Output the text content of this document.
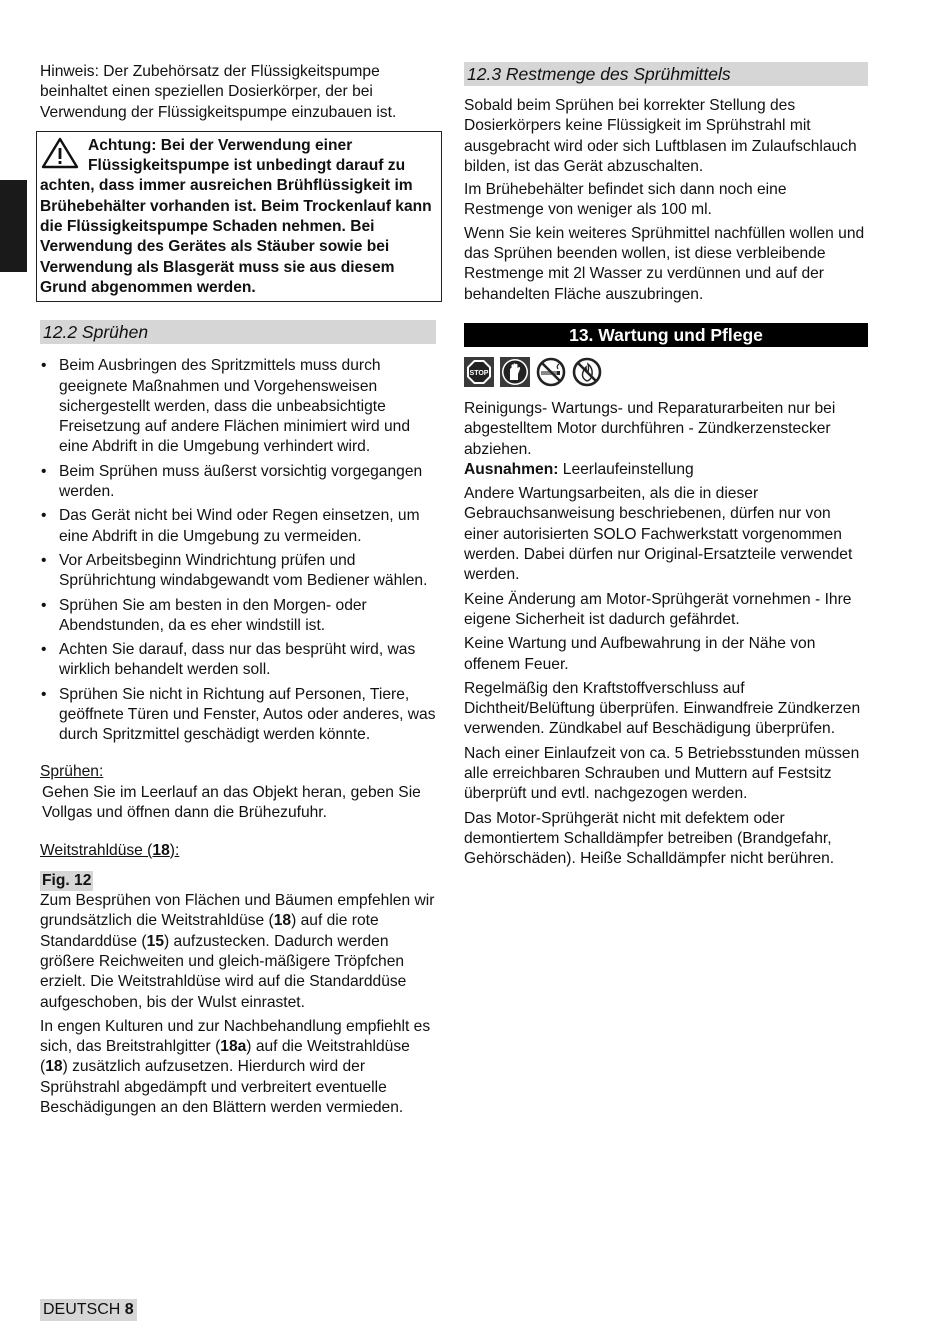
Hinweis: Der Zubehörsatz der Flüssigkeitspumpe beinhaltet einen speziellen Dosierkörper, der bei Verwendung der Flüssigkeitspumpe einzubauen ist.

Achtung: Bei der Verwendung einer Flüssigkeitspumpe ist unbedingt darauf zu achten, dass immer ausreichen Brühflüssigkeit im Brühebehälter vorhanden ist. Beim Trockenlauf kann die Flüssigkeitspumpe Schaden nehmen. Bei Verwendung des Gerätes als Stäuber sowie bei Verwendung als Blasgerät muss sie aus diesem Grund abgenommen werden.
12.2 Sprühen
• Beim Ausbringen des Spritzmittels muss durch geeignete Maßnahmen und Vorgehensweisen sichergestellt werden, dass die unbeabsichtigte Freisetzung auf andere Flächen minimiert wird und eine Abdrift in die Umgebung verhindert wird.
• Beim Sprühen muss äußerst vorsichtig vorgegangen werden.
• Das Gerät nicht bei Wind oder Regen einsetzen, um eine Abdrift in die Umgebung zu vermeiden.
• Vor Arbeitsbeginn Windrichtung prüfen und Sprührichtung windabgewandt vom Bediener wählen.
• Sprühen Sie am besten in den Morgen- oder Abendstunden, da es eher windstill ist.
• Achten Sie darauf, dass nur das besprüht wird, was wirklich behandelt werden soll.
• Sprühen Sie nicht in Richtung auf Personen, Tiere, geöffnete Türen und Fenster, Autos oder anderes, was durch Spritzmittel geschädigt werden könnte.

Sprühen:

Gehen Sie im Leerlauf an das Objekt heran, geben Sie Vollgas und öffnen dann die Brühezufuhr.

Weitstrahldüse (18):

Fig. 12

Zum Besprühen von Flächen und Bäumen empfehlen wir grundsätzlich die Weitstrahldüse (18) auf die rote Standarddüse (15) aufzustecken. Dadurch werden größere Reichweiten und gleich-mäßigere Tröpfchen erzielt. Die Weitstrahldüse wird auf die Standarddüse aufgeschoben, bis der Wulst einrastet.

In engen Kulturen und zur Nachbehandlung empfiehlt es sich, das Breitstrahlgitter (18a) auf die Weitstrahldüse (18) zusätzlich aufzusetzen. Hierdurch wird der Sprühstrahl abgedämpft und verbreitert eventuelle Beschädigungen an den Blättern werden vermieden.

12.3 Restmenge des Sprühmittels

Sobald beim Sprühen bei korrekter Stellung des Dosierkörpers keine Flüssigkeit im Sprühstrahl mit ausgebracht wird oder sich Luftblasen im Zulaufschlauch bilden, ist das Gerät abzuschalten.

Im Brühebehälter befindet sich dann noch eine Restmenge von weniger als 100 ml.

Wenn Sie kein weiteres Sprühmittel nachfüllen wollen und das Sprühen beenden wollen, ist diese verbleibende Restmenge mit 2l Wasser zu verdünnen und auf der behandelten Fläche auszubringen.

13. Wartung und Pflege
STOP

Reinigungs- Wartungs- und Reparaturarbeiten nur bei abgestelltem Motor durchführen - Zündkerzenstecker abziehen.

Ausnahmen: Leerlaufeinstellung

Andere Wartungsarbeiten, als die in dieser Gebrauchsanweisung beschriebenen, dürfen nur von einer autorisierten SOLO Fachwerkstatt vorgenommen werden. Dabei dürfen nur Original-Ersatzteile verwendet werden.

Keine Änderung am Motor-Sprühgerät vornehmen - Ihre eigene Sicherheit ist dadurch gefährdet.

Keine Wartung und Aufbewahrung in der Nähe von offenem Feuer.

Regelmäßig den Kraftstoffverschluss auf Dichtheit/Belüftung überprüfen. Einwandfreie Zündkerzen verwenden. Zündkabel auf Beschädigung überprüfen.

Nach einer Einlaufzeit von ca. 5 Betriebsstunden müssen alle erreichbaren Schrauben und Muttern auf Festsitz überprüft und evtl. nachgezogen werden.

Das Motor-Sprühgerät nicht mit defektem oder demontiertem Schalldämpfer betreiben (Brandgefahr, Gehörschäden). Heiße Schalldämpfer nicht berühren.

DEUTSCH 8
